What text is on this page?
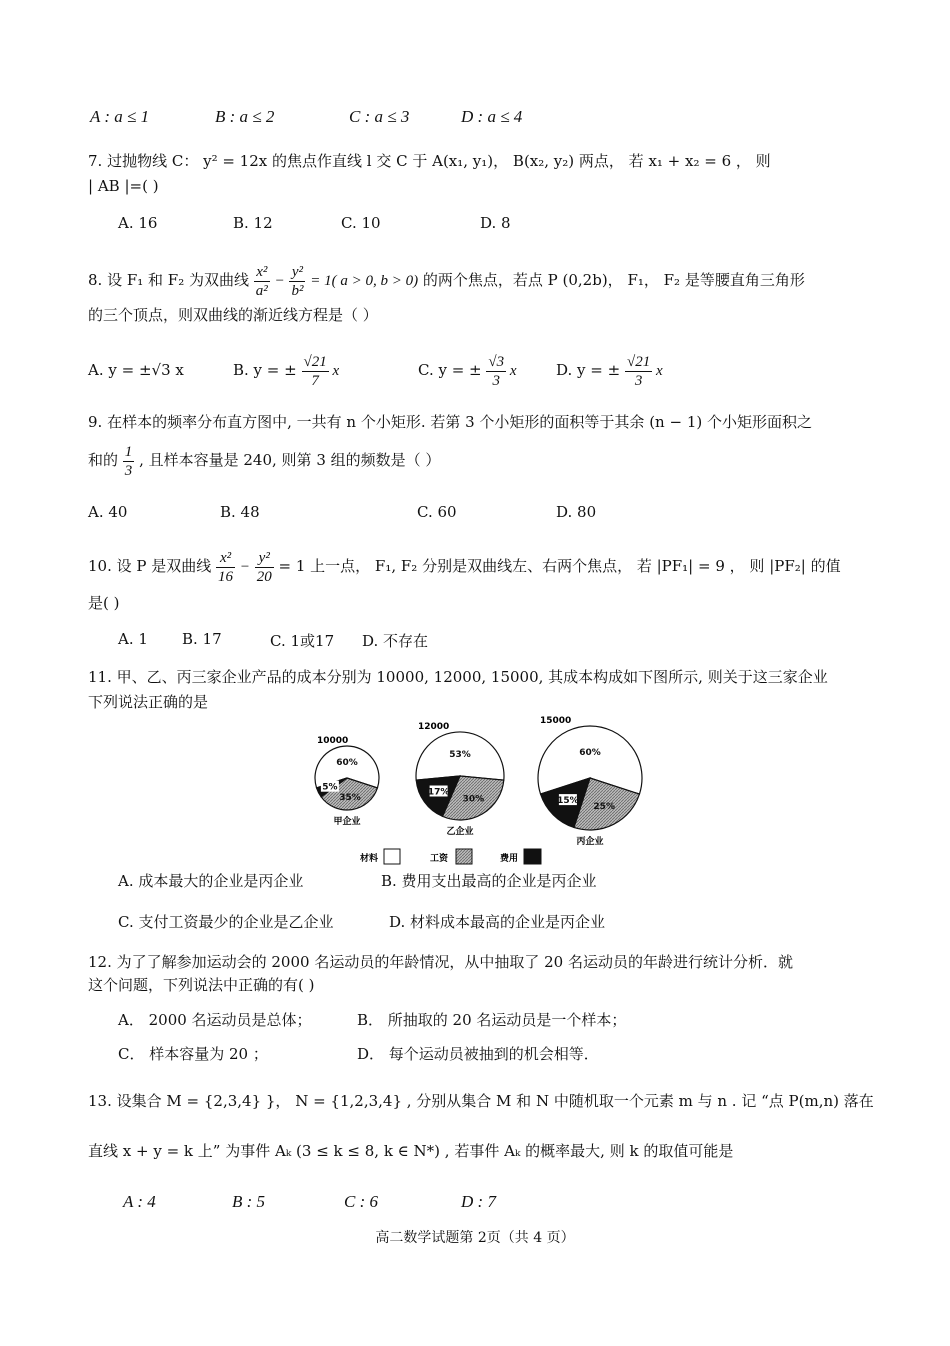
A : a ≤ 1	B : a ≤ 2	C : a ≤ 3	D : a ≤ 4
7. 过抛物线 C： y² = 12x 的焦点作直线 l 交 C 于 A(x₁, y₁)， B(x₂, y₂) 两点， 若 x₁ + x₂ = 6 ， 则
| AB |=( )
A. 16	B. 12	C. 10	D. 8
8. 设 F₁ 和 F₂ 为双曲线 $\frac{\text{x²}}{\text{a²}} - \frac{\text{y²}}{\text{b²}} = 1$( a > 0, b > 0) 的两个焦点，若点 P (0,2b)， F₁， F₂ 是等腰直角三角形
的三个顶点，则双曲线的渐近线方程是（ ）
A. y = ±√3 x	B. y = ± $\frac{√21}{7}$ x	C. y = ± $\frac{√3}{3}$ x	D. y = ± $\frac{√21}{3}$ x
9. 在样本的频率分布直方图中, 一共有 n 个小矩形. 若第 3 个小矩形的面积等于其余 (n − 1) 个小矩形面积之
和的 $\frac{1}{3}$ , 且样本容量是 240, 则第 3 组的频数是（ ）
A. 40	B. 48	C. 60	D. 80
10. 设 P 是双曲线 $\frac{\text{x²}}{16} - \frac{\text{y²}}{20} = 1$ 上一点， F₁, F₂ 分别是双曲线左、右两个焦点， 若 |PF₁| = 9 ， 则 |PF₂| 的值
是( )
A. 1 B. 17	C. 1或17 D. 不存在
11. 甲、乙、丙三家企业产品的成本分别为 10000, 12000, 15000, 其成本构成如下图所示, 则关于这三家企业
下列说法正确的是
60%
35%
5%
10000
甲企业
53%
30%
17%
12000
乙企业
60%
25%
15%
15000
丙企业
材料	工资	费用
A. 成本最大的企业是丙企业	B. 费用支出最高的企业是丙企业
C. 支付工资最少的企业是乙企业	D. 材料成本最高的企业是丙企业
12. 为了了解参加运动会的 2000 名运动员的年龄情况，从中抽取了 20 名运动员的年龄进行统计分析．就
这个问题，下列说法中正确的有( )
A． 2000 名运动员是总体；	B． 所抽取的 20 名运动员是一个样本；
C． 样本容量为 20 ；	D． 每个运动员被抽到的机会相等．
13. 设集合 M = {2,3,4} }， N = {1,2,3,4} , 分别从集合 M 和 N 中随机取一个元素 m 与 n . 记 “点 P(m,n) 落在
直线 x + y = k 上” 为事件 Aₖ (3 ≤ k ≤ 8, k ∈ N*) , 若事件 Aₖ 的概率最大, 则 k 的取值可能是
A : 4	B : 5	C : 6	D : 7
高二数学试题第 2页（共 4 页）
